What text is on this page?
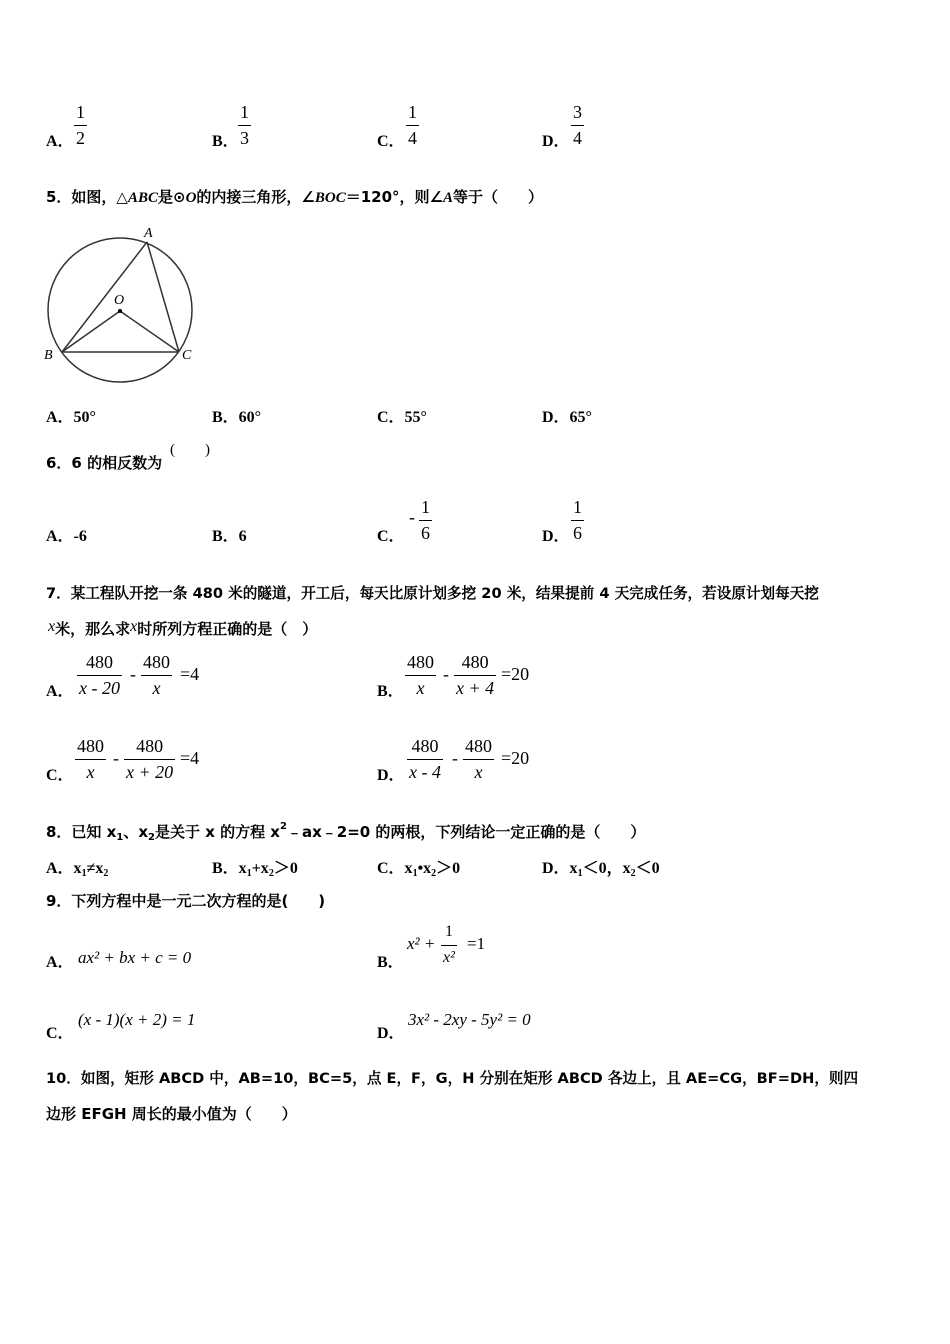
A．
1
2	B．
1
3	C．
1
4	D．
3
4
5．如图，△ABC是⊙O的内接三角形，∠BOC＝120°，则∠A等于（　　）
A
B	C
O
A．50°	B．60°	C．55°	D．65°
6．6 的相反数为
(　　)
A．-6	B．6	C．
- 1
6	D．
1
6
7．某工程队开挖一条 480 米的隧道，开工后，每天比原计划多挖 20 米，结果提前 4 天完成任务，若设原计划每天挖
x米，那么求x时所列方程正确的是（　）
A．
480
x - 20
-
480
x
=4
B．
480
x
-
480
x + 4
=20
C．
480
x
-
480
x + 20
=4
D．
480
x - 4
-
480
x
=20
8．已知 $x_1$、$x_2$是关于 x 的方程 $x^2﹣ax﹣2=0$ 的两根，下列结论一定正确的是（　　）
A．$x_1\ne x_2$	B．$x_1+x_2>0$	C．$x_1•x_2>0$	D．$x_1<0$，$x_2<0$
9．下列方程中是一元二次方程的是(　　)
A． ax² + bx + c = 0	B．
x² +
1
x²
=1
C．
(x - 1)(x + 2) = 1
D．
3x² - 2xy - 5y² = 0
10．如图，矩形 ABCD 中，AB=10，BC=5，点 E，F，G，H 分别在矩形 ABCD 各边上，且 AE=CG，BF=DH，则四
边形 EFGH 周长的最小值为（　　）
